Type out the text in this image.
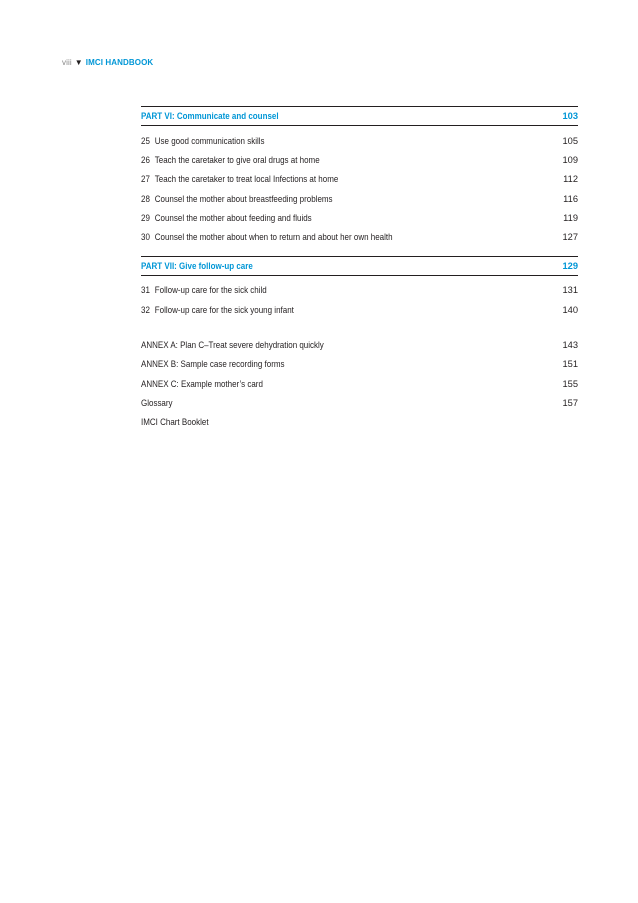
viii ▼ IMCI HANDBOOK
PART VI: Communicate and counsel	103
25 Use good communication skills	105
26 Teach the caretaker to give oral drugs at home	109
27 Teach the caretaker to treat local Infections at home	112
28 Counsel the mother about breastfeeding problems	116
29 Counsel the mother about feeding and fluids	119
30 Counsel the mother about when to return and about her own health	127
PART VII: Give follow-up care	129
31 Follow-up care for the sick child	131
32 Follow-up care for the sick young infant	140
ANNEX A: Plan C–Treat severe dehydration quickly	143
ANNEX B: Sample case recording forms	151
ANNEX C: Example mother’s card	155
Glossary	157
IMCI Chart Booklet
